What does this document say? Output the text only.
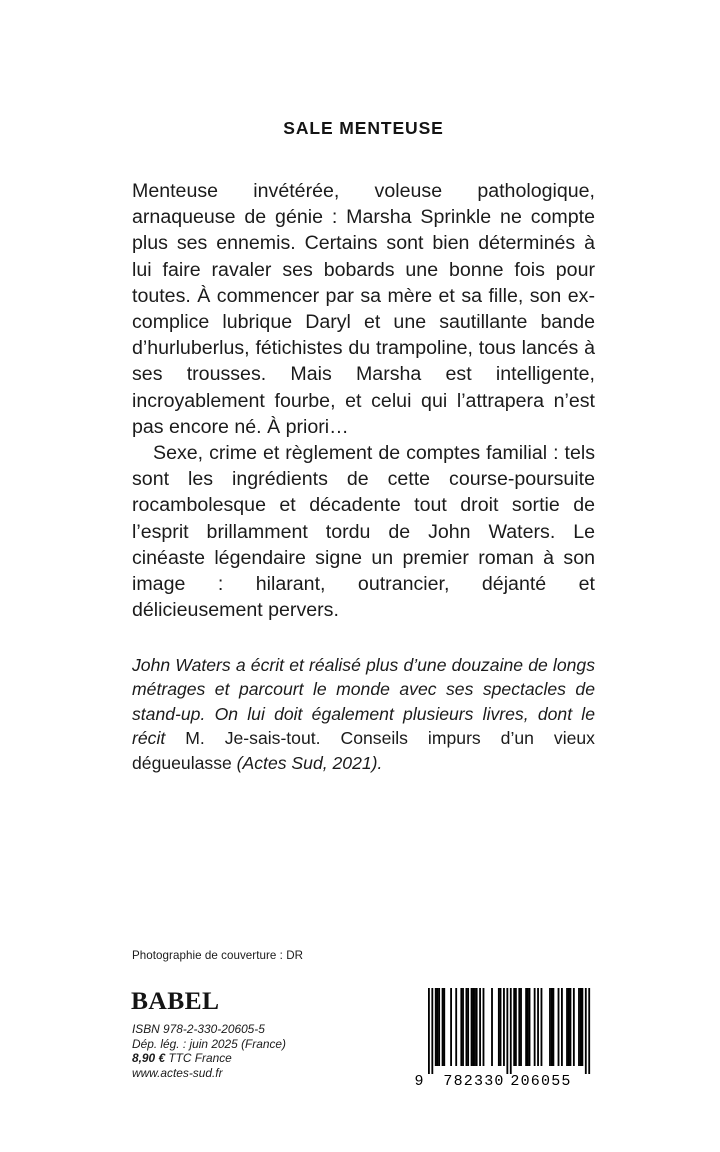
SALE MENTEUSE

Menteuse invétérée, voleuse pathologique, arnaqueuse de génie : Marsha Sprinkle ne compte plus ses ennemis. Certains sont bien déterminés à lui faire ravaler ses bobards une bonne fois pour toutes. À commencer par sa mère et sa fille, son ex-complice lubrique Daryl et une sautillante bande d’hurluberlus, fétichistes du trampoline, tous lancés à ses trousses. Mais Marsha est intelligente, incroyablement fourbe, et celui qui l’attrapera n’est pas encore né. À priori…

Sexe, crime et règlement de comptes familial : tels sont les ingrédients de cette course-poursuite rocambolesque et décadente tout droit sortie de l’esprit brillamment tordu de John Waters. Le cinéaste légendaire signe un premier roman à son image : hilarant, outrancier, déjanté et délicieusement pervers.

John Waters a écrit et réalisé plus d’une douzaine de longs métrages et parcourt le monde avec ses spectacles de stand-up. On lui doit également plusieurs livres, dont le récit M. Je-sais-tout. Conseils impurs d’un vieux dégueulasse (Actes Sud, 2021).

Photographie de couverture : DR
BABEL
ISBN 978-2-330-20605-5
Dép. lég. : juin 2025 (France)
8,90 € TTC France
www.actes-sud.fr
9 782330 206055
